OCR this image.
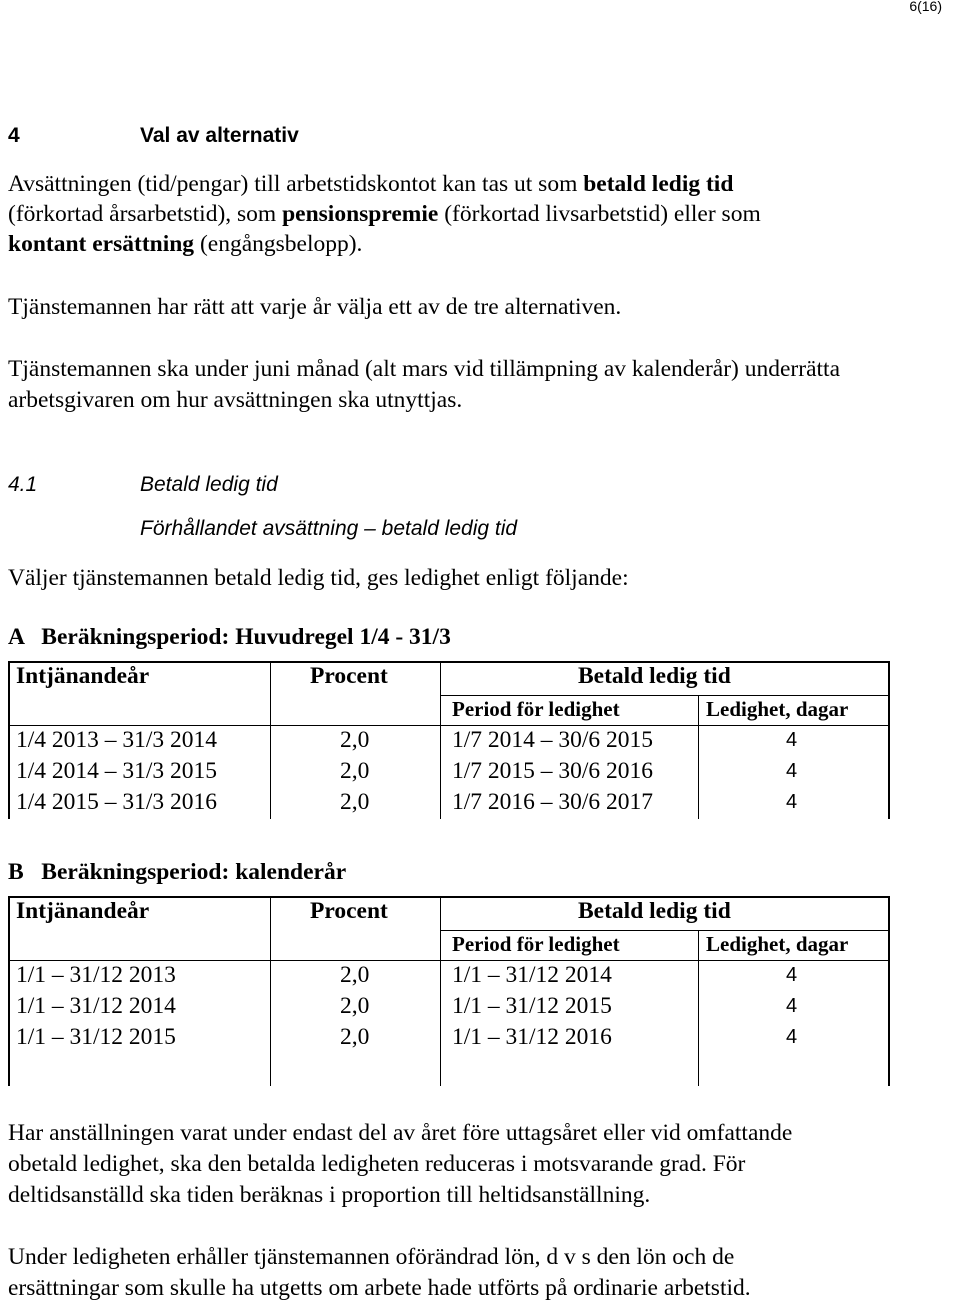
6(16)
4	Val av alternativ
Avsättningen (tid/pengar) till arbetstidskontot kan tas ut som betald ledig tid
(förkortad årsarbetstid), som pensionspremie (förkortad livsarbetstid) eller som
kontant ersättning (engångsbelopp).
Tjänstemannen har rätt att varje år välja ett av de tre alternativen.
Tjänstemannen ska under juni månad (alt mars vid tillämpning av kalenderår) underrätta
arbetsgivaren om hur avsättningen ska utnyttjas.
4.1	Betald ledig tid
Förhållandet avsättning – betald ledig tid
Väljer tjänstemannen betald ledig tid, ges ledighet enligt följande:
A   Beräkningsperiod: Huvudregel 1/4 - 31/3
Intjänandeår	Procent	Betald ledig tid
Period för ledighet	Ledighet, dagar
1/4 2013 – 31/3 2014	2,0	1/7 2014 – 30/6 2015	4
1/4 2014 – 31/3 2015	2,0	1/7 2015 – 30/6 2016	4
1/4 2015 – 31/3 2016	2,0	1/7 2016 – 30/6 2017	4
B   Beräkningsperiod: kalenderår
Intjänandeår	Procent	Betald ledig tid
Period för ledighet	Ledighet, dagar
1/1 – 31/12 2013	2,0	1/1 – 31/12 2014	4
1/1 – 31/12 2014	2,0	1/1 – 31/12 2015	4
1/1 – 31/12 2015	2,0	1/1 – 31/12 2016	4
Har anställningen varat under endast del av året före uttagsåret eller vid omfattande
obetald ledighet, ska den betalda ledigheten reduceras i motsvarande grad. För
deltidsanställd ska tiden beräknas i proportion till heltidsanställning.
Under ledigheten erhåller tjänstemannen oförändrad lön, d v s den lön och de
ersättningar som skulle ha utgetts om arbete hade utförts på ordinarie arbetstid.
